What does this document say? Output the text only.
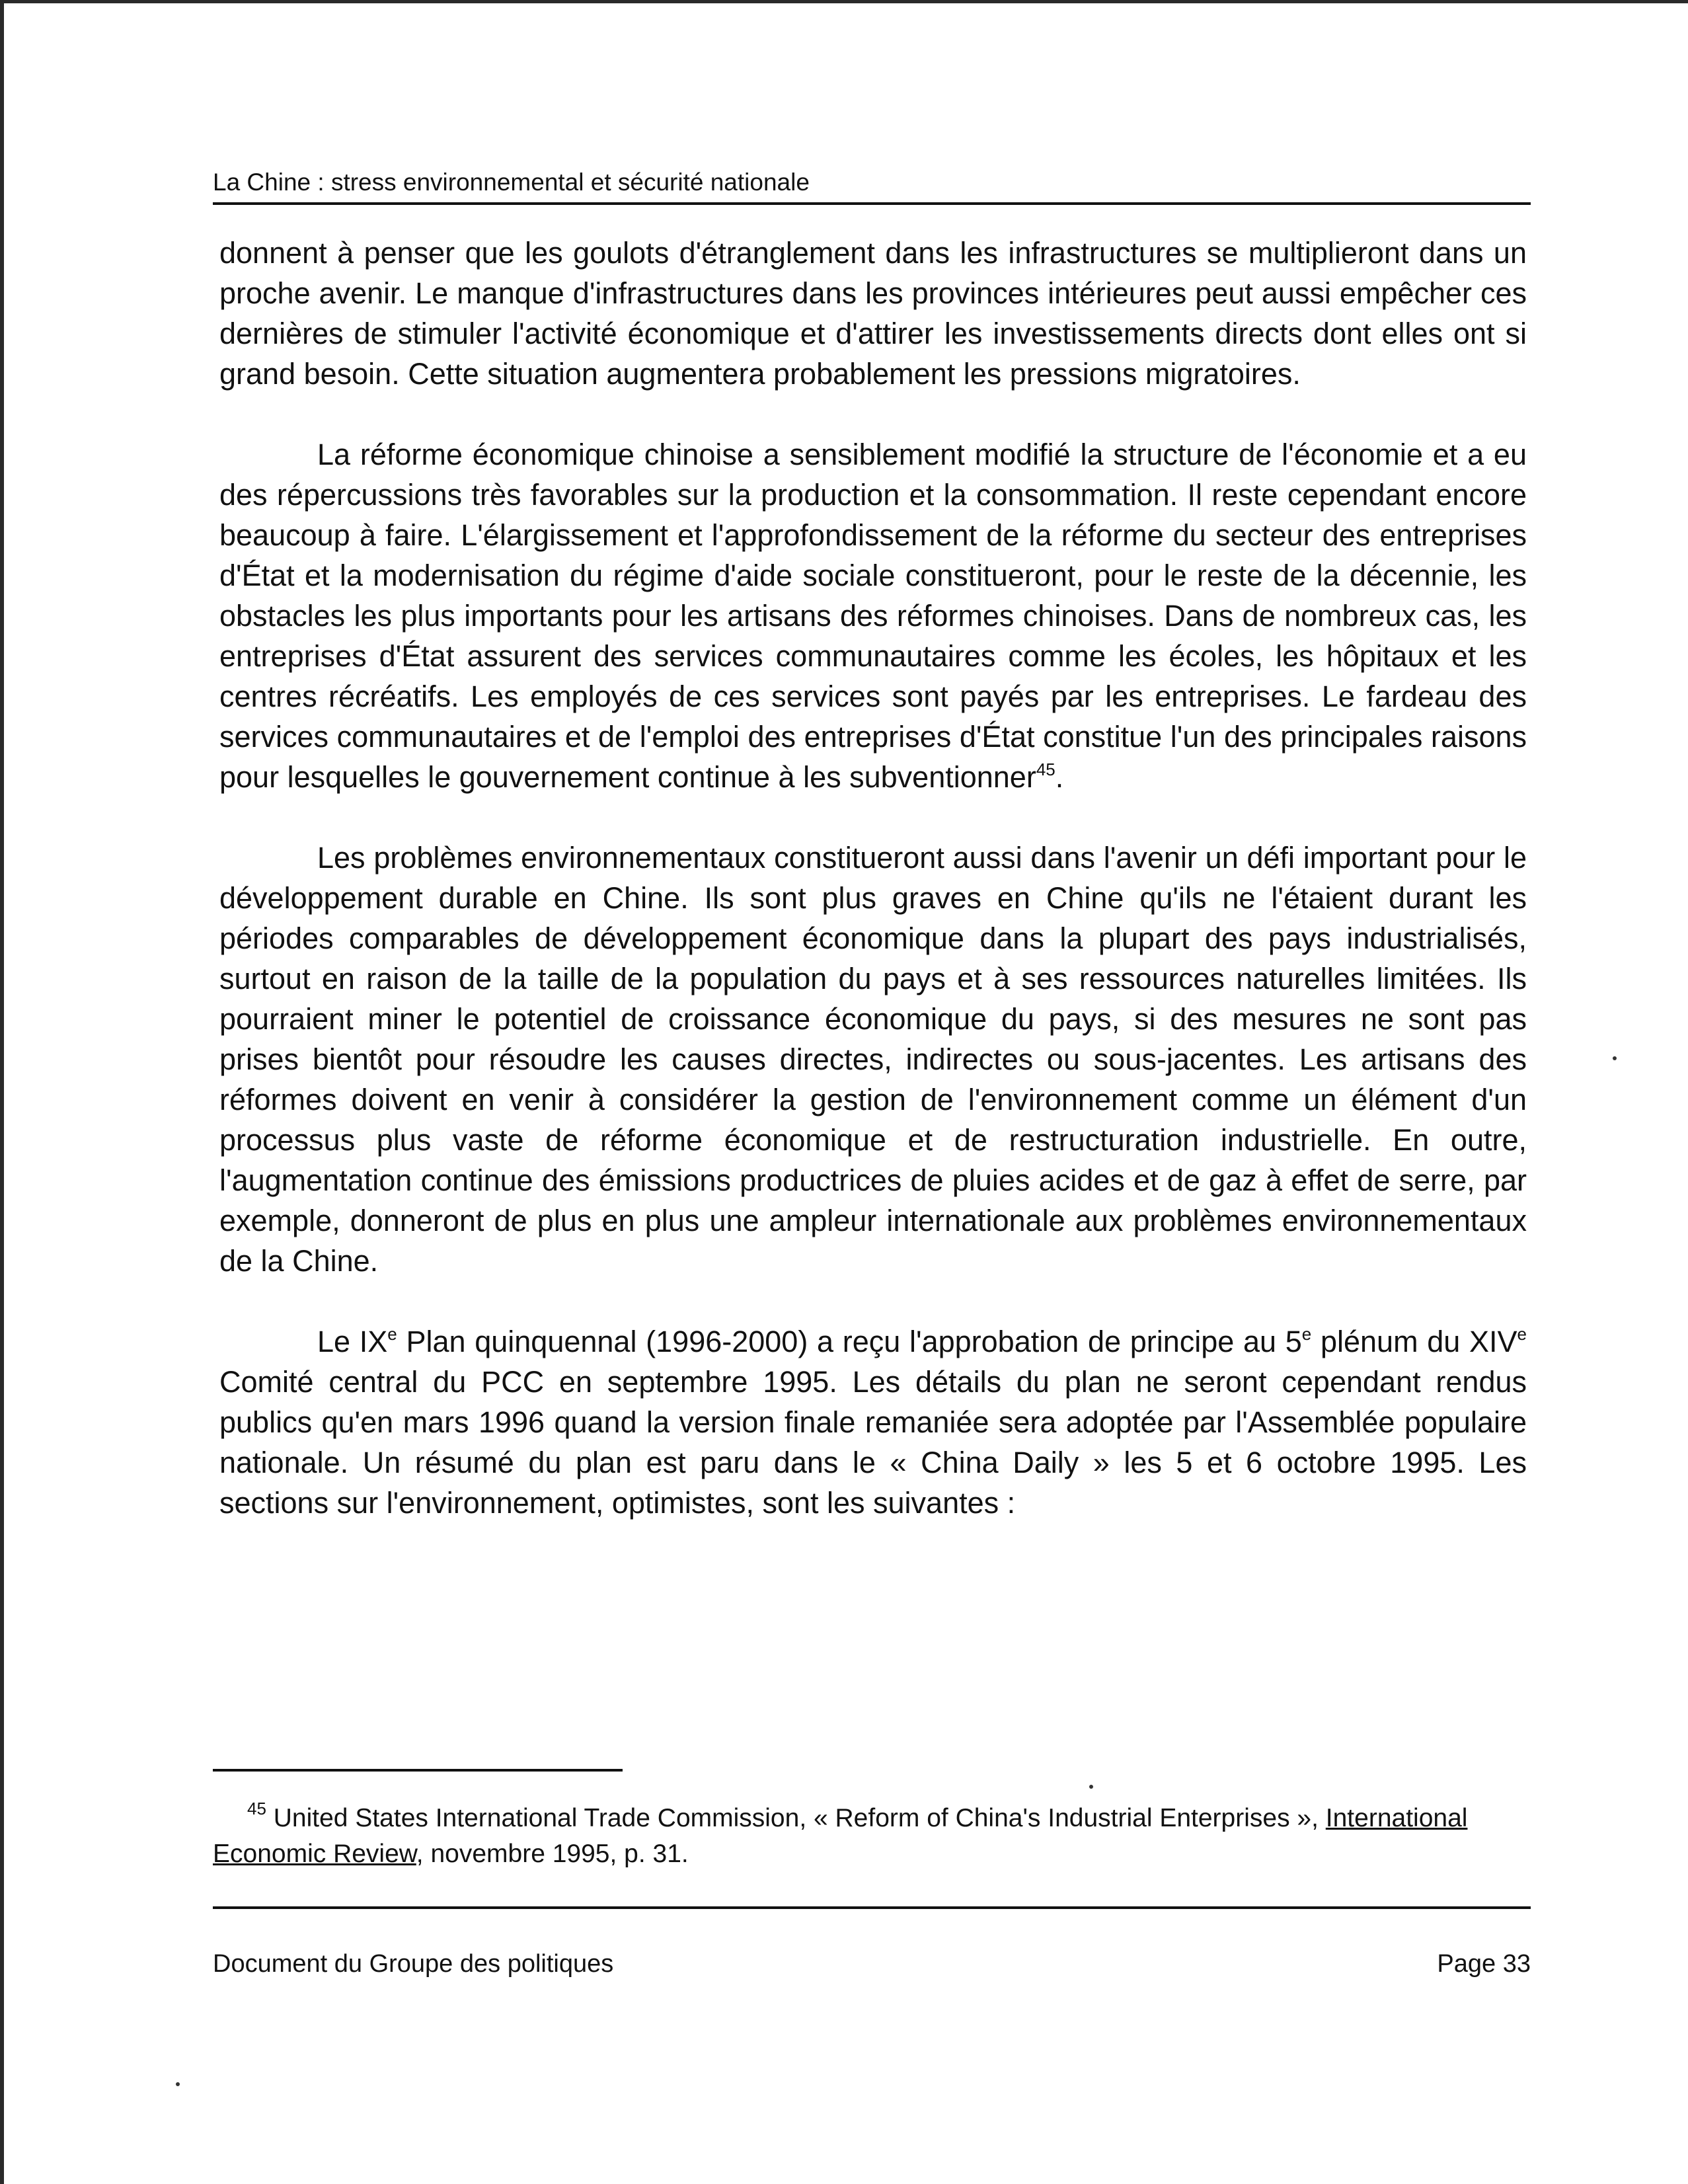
La Chine : stress environnemental et sécurité nationale

donnent à penser que les goulots d'étranglement dans les infrastructures se multiplieront dans un proche avenir. Le manque d'infrastructures dans les provinces intérieures peut aussi empêcher ces dernières de stimuler l'activité économique et d'attirer les investissements directs dont elles ont si grand besoin. Cette situation augmentera probablement les pressions migratoires.

La réforme économique chinoise a sensiblement modifié la structure de l'économie et a eu des répercussions très favorables sur la production et la consommation. Il reste cependant encore beaucoup à faire. L'élargissement et l'approfondissement de la réforme du secteur des entreprises d'État et la modernisation du régime d'aide sociale constitueront, pour le reste de la décennie, les obstacles les plus importants pour les artisans des réformes chinoises. Dans de nombreux cas, les entreprises d'État assurent des services communautaires comme les écoles, les hôpitaux et les centres récréatifs. Les employés de ces services sont payés par les entreprises. Le fardeau des services communautaires et de l'emploi des entreprises d'État constitue l'un des principales raisons pour lesquelles le gouvernement continue à les subventionner$^{45}$.

Les problèmes environnementaux constitueront aussi dans l'avenir un défi important pour le développement durable en Chine. Ils sont plus graves en Chine qu'ils ne l'étaient durant les périodes comparables de développement économique dans la plupart des pays industrialisés, surtout en raison de la taille de la population du pays et à ses ressources naturelles limitées. Ils pourraient miner le potentiel de croissance économique du pays, si des mesures ne sont pas prises bientôt pour résoudre les causes directes, indirectes ou sous-jacentes. Les artisans des réformes doivent en venir à considérer la gestion de l'environnement comme un élément d'un processus plus vaste de réforme économique et de restructuration industrielle. En outre, l'augmentation continue des émissions productrices de pluies acides et de gaz à effet de serre, par exemple, donneront de plus en plus une ampleur internationale aux problèmes environnementaux de la Chine.

Le IXe Plan quinquennal (1996-2000) a reçu l'approbation de principe au 5e plénum du XIVe Comité central du PCC en septembre 1995. Les détails du plan ne seront cependant rendus publics qu'en mars 1996 quand la version finale remaniée sera adoptée par l'Assemblée populaire nationale. Un résumé du plan est paru dans le « China Daily » les 5 et 6 octobre 1995. Les sections sur l'environnement, optimistes, sont les suivantes :

$^{45}$ United States International Trade Commission, « Reform of China's Industrial Enterprises », International Economic Review, novembre 1995, p. 31.
Document du Groupe des politiques	Page 33
